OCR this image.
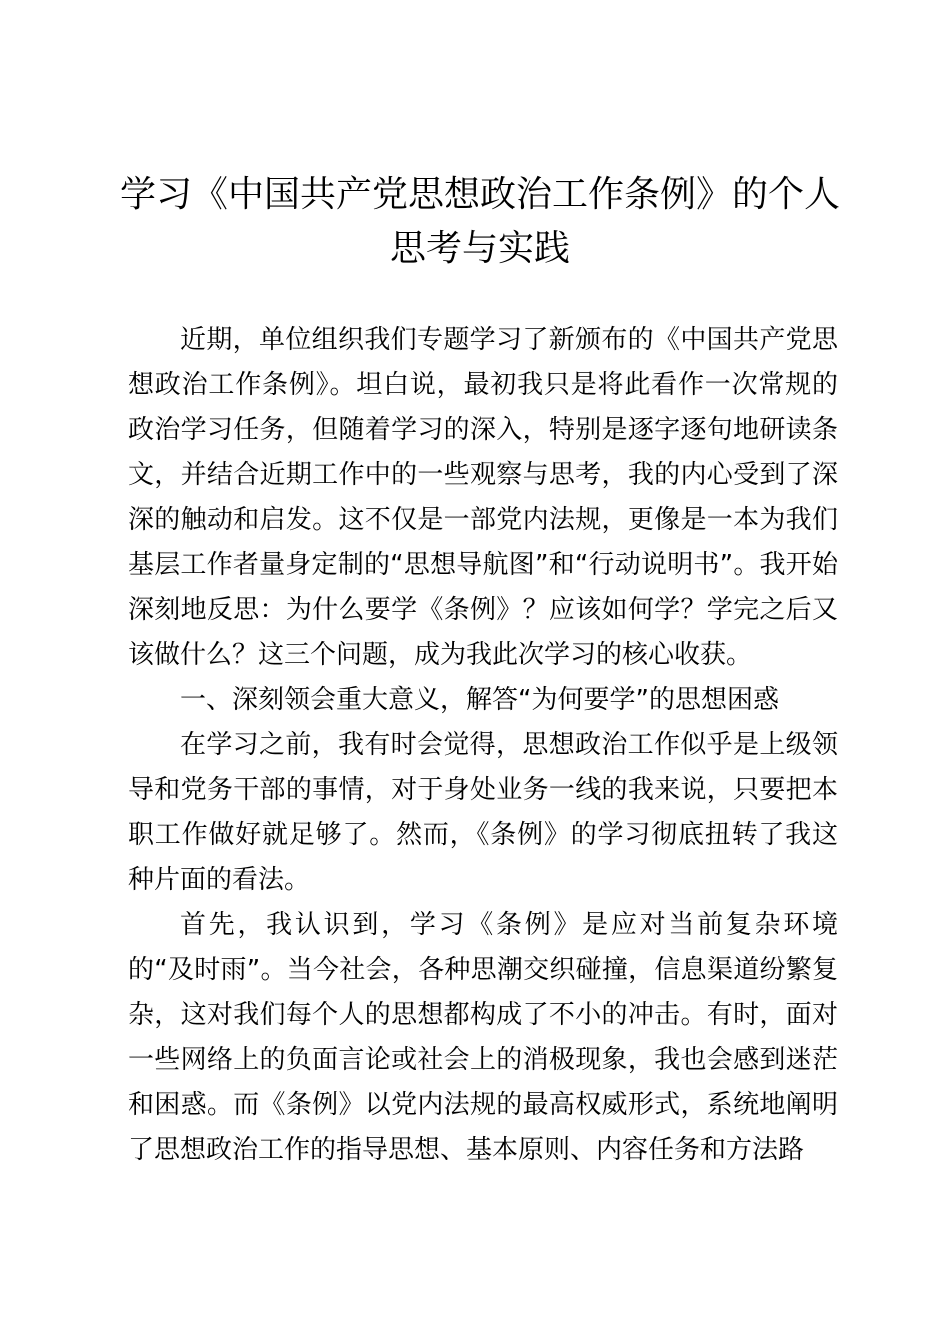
学习《中国共产党思想政治工作条例》的个人思考与实践

近期，单位组织我们专题学习了新颁布的《中国共产党思想政治工作条例》。坦白说，最初我只是将此看作一次常规的政治学习任务，但随着学习的深入，特别是逐字逐句地研读条文，并结合近期工作中的一些观察与思考，我的内心受到了深深的触动和启发。这不仅是一部党内法规，更像是一本为我们基层工作者量身定制的“思想导航图”和“行动说明书”。我开始深刻地反思：为什么要学《条例》？应该如何学？学完之后又该做什么？这三个问题，成为我此次学习的核心收获。

一、深刻领会重大意义，解答“为何要学”的思想困惑

在学习之前，我有时会觉得，思想政治工作似乎是上级领导和党务干部的事情，对于身处业务一线的我来说，只要把本职工作做好就足够了。然而，《条例》的学习彻底扭转了我这种片面的看法。

首先，我认识到，学习《条例》是应对当前复杂环境的“及时雨”。当今社会，各种思潮交织碰撞，信息渠道纷繁复杂，这对我们每个人的思想都构成了不小的冲击。有时，面对一些网络上的负面言论或社会上的消极现象，我也会感到迷茫和困惑。而《条例》以党内法规的最高权威形式，系统地阐明了思想政治工作的指导思想、基本原则、内容任务和方法路
